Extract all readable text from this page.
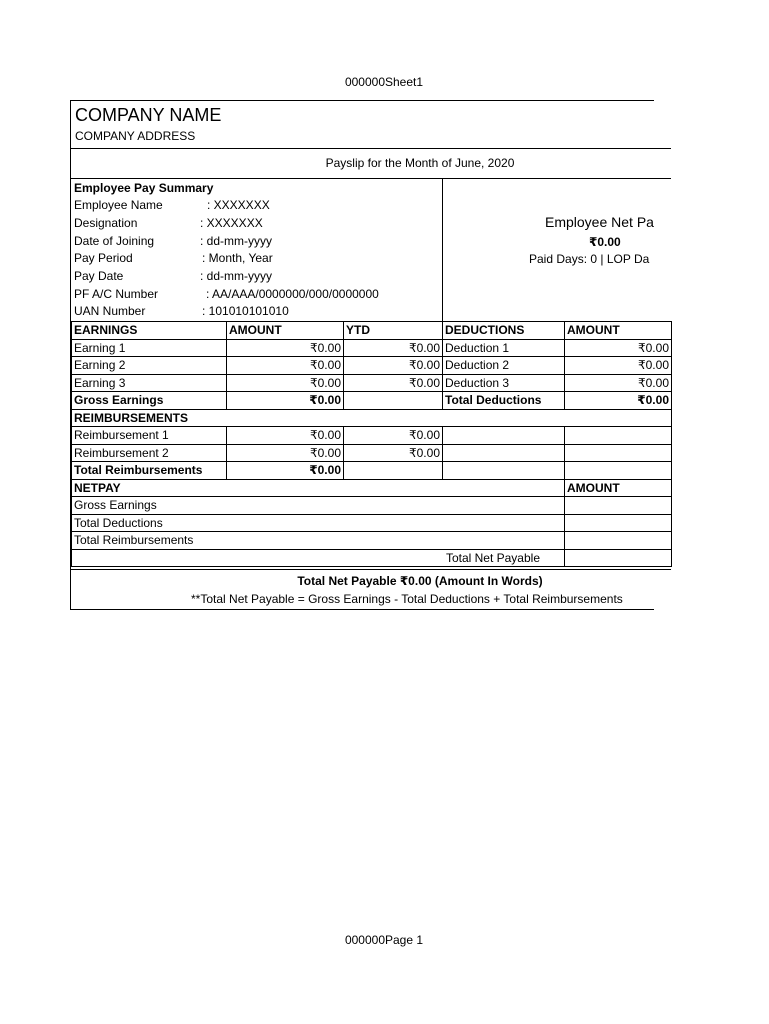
000000Sheet1
COMPANY NAME
COMPANY ADDRESS
Payslip for the Month of June, 2020
Employee Pay Summary
Employee Name	: XXXXXXX
Designation	: XXXXXXX
Date of Joining	: dd-mm-yyyy
Pay Period	: Month, Year
Pay Date	: dd-mm-yyyy
PF A/C Number	: AA/AAA/0000000/000/0000000
UAN Number	: 101010101010
Employee Net Pa
₹0.00
Paid Days: 0 | LOP Da
EARNINGS	AMOUNT	YTD	DEDUCTIONS	AMOUNT
Earning 1	₹0.00	₹0.00	Deduction 1	₹0.00
Earning 2	₹0.00	₹0.00	Deduction 2	₹0.00
Earning 3	₹0.00	₹0.00	Deduction 3	₹0.00
Gross Earnings	₹0.00		Total Deductions	₹0.00
REIMBURSEMENTS				
Reimbursement 1	₹0.00	₹0.00		
Reimbursement 2	₹0.00	₹0.00		
Total Reimbursements	₹0.00			
NETPAY				AMOUNT
Gross Earnings				
Total Deductions				
Total Reimbursements				
Total Net Payable				
Total Net Payable ₹0.00 (Amount In Words)
**Total Net Payable = Gross Earnings - Total Deductions + Total Reimbursements
000000Page 1
